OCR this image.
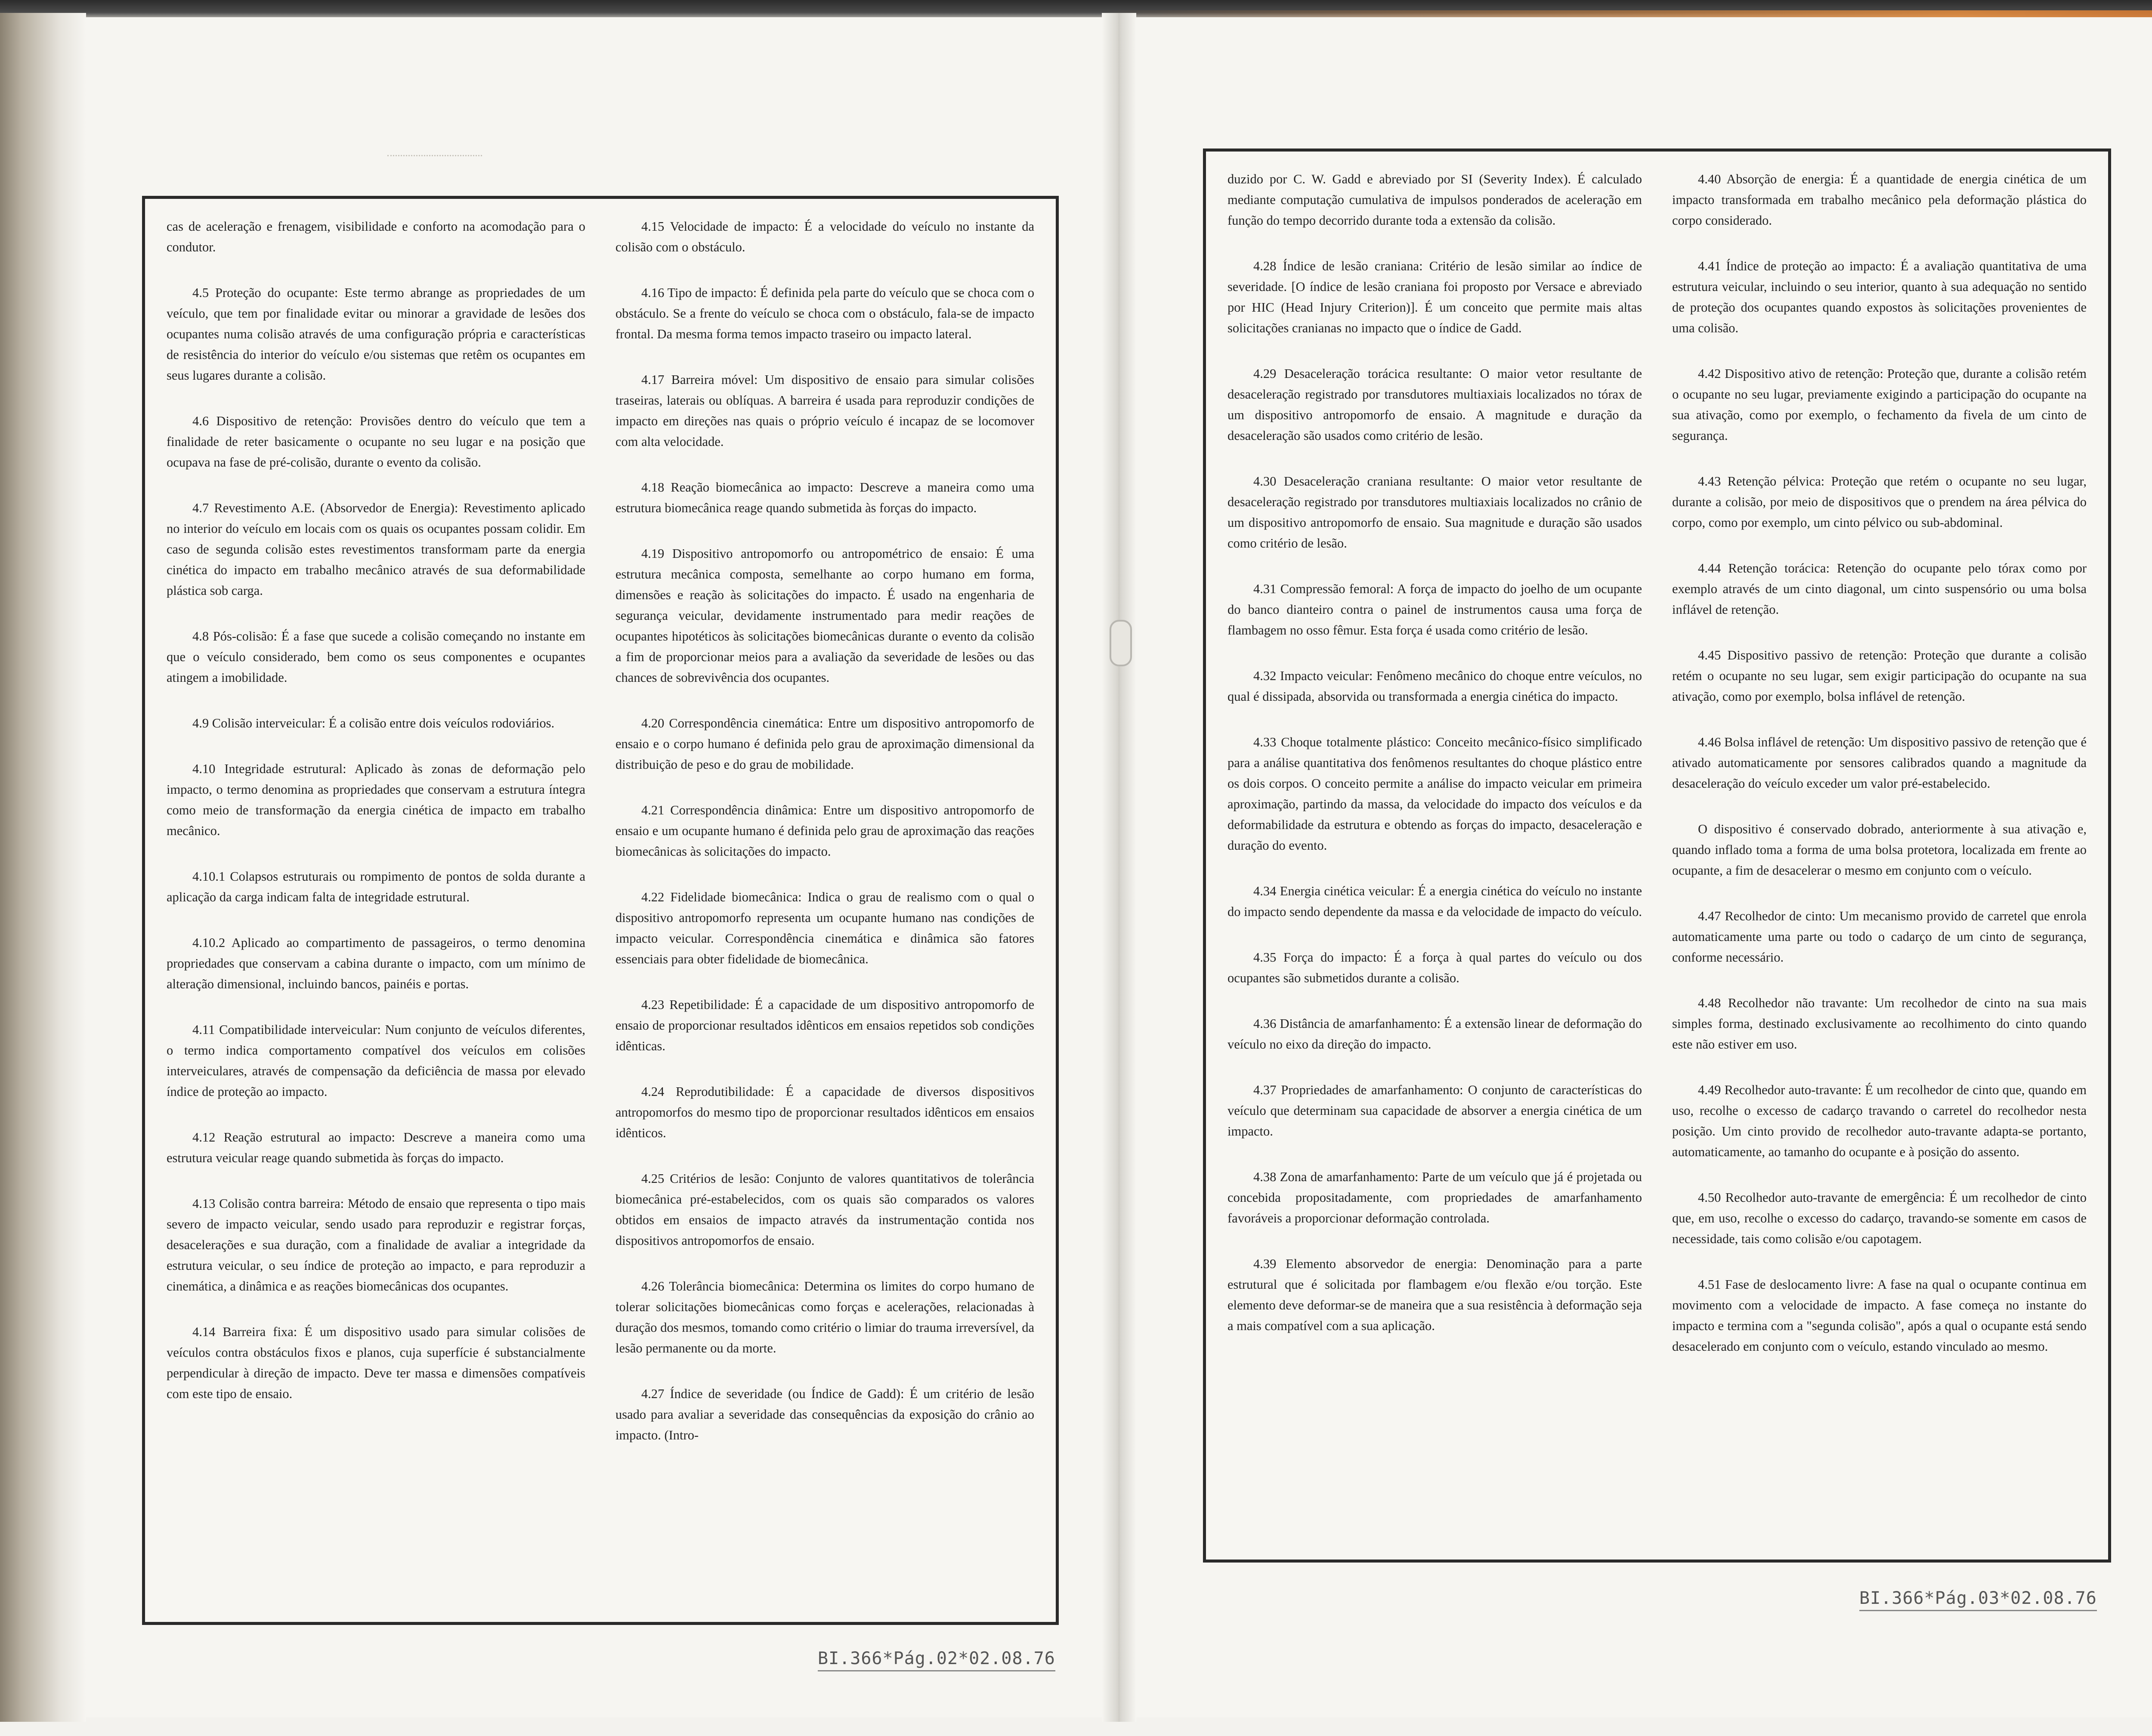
cas de aceleração e frenagem, visibilidade e conforto na acomodação para o condutor.

4.5 Proteção do ocupante: Este termo abrange as propriedades de um veículo, que tem por finalidade evitar ou minorar a gravidade de lesões dos ocupantes numa colisão através de uma configuração própria e características de resistência do interior do veículo e/ou sistemas que retêm os ocupantes em seus lugares durante a colisão.

4.6 Dispositivo de retenção: Provisões dentro do veículo que tem a finalidade de reter basicamente o ocupante no seu lugar e na posição que ocupava na fase de pré-colisão, durante o evento da colisão.

4.7 Revestimento A.E. (Absorvedor de Energia): Revestimento aplicado no interior do veículo em locais com os quais os ocupantes possam colidir. Em caso de segunda colisão estes revestimentos transformam parte da energia cinética do impacto em trabalho mecânico através de sua deformabilidade plástica sob carga.

4.8 Pós-colisão: É a fase que sucede a colisão começando no instante em que o veículo considerado, bem como os seus componentes e ocupantes atingem a imobilidade.

4.9 Colisão interveicular: É a colisão entre dois veículos rodoviários.

4.10 Integridade estrutural: Aplicado às zonas de deformação pelo impacto, o termo denomina as propriedades que conservam a estrutura íntegra como meio de transformação da energia cinética de impacto em trabalho mecânico.

4.10.1 Colapsos estruturais ou rompimento de pontos de solda durante a aplicação da carga indicam falta de integridade estrutural.

4.10.2 Aplicado ao compartimento de passageiros, o termo denomina propriedades que conservam a cabina durante o impacto, com um mínimo de alteração dimensional, incluindo bancos, painéis e portas.

4.11 Compatibilidade interveicular: Num conjunto de veículos diferentes, o termo indica comportamento compatível dos veículos em colisões interveiculares, através de compensação da deficiência de massa por elevado índice de proteção ao impacto.

4.12 Reação estrutural ao impacto: Descreve a maneira como uma estrutura veicular reage quando submetida às forças do impacto.

4.13 Colisão contra barreira: Método de ensaio que representa o tipo mais severo de impacto veicular, sendo usado para reproduzir e registrar forças, desacelerações e sua duração, com a finalidade de avaliar a integridade da estrutura veicular, o seu índice de proteção ao impacto, e para reproduzir a cinemática, a dinâmica e as reações biomecânicas dos ocupantes.

4.14 Barreira fixa: É um dispositivo usado para simular colisões de veículos contra obstáculos fixos e planos, cuja superfície é substancialmente perpendicular à direção de impacto. Deve ter massa e dimensões compatíveis com este tipo de ensaio.

4.15 Velocidade de impacto: É a velocidade do veículo no instante da colisão com o obstáculo.

4.16 Tipo de impacto: É definida pela parte do veículo que se choca com o obstáculo. Se a frente do veículo se choca com o obstáculo, fala-se de impacto frontal. Da mesma forma temos impacto traseiro ou impacto lateral.

4.17 Barreira móvel: Um dispositivo de ensaio para simular colisões traseiras, laterais ou oblíquas. A barreira é usada para reproduzir condições de impacto em direções nas quais o próprio veículo é incapaz de se locomover com alta velocidade.

4.18 Reação biomecânica ao impacto: Descreve a maneira como uma estrutura biomecânica reage quando submetida às forças do impacto.

4.19 Dispositivo antropomorfo ou antropométrico de ensaio: É uma estrutura mecânica composta, semelhante ao corpo humano em forma, dimensões e reação às solicitações do impacto. É usado na engenharia de segurança veicular, devidamente instrumentado para medir reações de ocupantes hipotéticos às solicitações biomecânicas durante o evento da colisão a fim de proporcionar meios para a avaliação da severidade de lesões ou das chances de sobrevivência dos ocupantes.

4.20 Correspondência cinemática: Entre um dispositivo antropomorfo de ensaio e o corpo humano é definida pelo grau de aproximação dimensional da distribuição de peso e do grau de mobilidade.

4.21 Correspondência dinâmica: Entre um dispositivo antropomorfo de ensaio e um ocupante humano é definida pelo grau de aproximação das reações biomecânicas às solicitações do impacto.

4.22 Fidelidade biomecânica: Indica o grau de realismo com o qual o dispositivo antropomorfo representa um ocupante humano nas condições de impacto veicular. Correspondência cinemática e dinâmica são fatores essenciais para obter fidelidade de biomecânica.

4.23 Repetibilidade: É a capacidade de um dispositivo antropomorfo de ensaio de proporcionar resultados idênticos em ensaios repetidos sob condições idênticas.

4.24 Reprodutibilidade: É a capacidade de diversos dispositivos antropomorfos do mesmo tipo de proporcionar resultados idênticos em ensaios idênticos.

4.25 Critérios de lesão: Conjunto de valores quantitativos de tolerância biomecânica pré-estabelecidos, com os quais são comparados os valores obtidos em ensaios de impacto através da instrumentação contida nos dispositivos antropomorfos de ensaio.

4.26 Tolerância biomecânica: Determina os limites do corpo humano de tolerar solicitações biomecânicas como forças e acelerações, relacionadas à duração dos mesmos, tomando como critério o limiar do trauma irreversível, da lesão permanente ou da morte.

4.27 Índice de severidade (ou Índice de Gadd): É um critério de lesão usado para avaliar a severidade das consequências da exposição do crânio ao impacto. (Intro-

duzido por C. W. Gadd e abreviado por SI (Severity Index). É calculado mediante computação cumulativa de impulsos ponderados de aceleração em função do tempo decorrido durante toda a extensão da colisão.

4.28 Índice de lesão craniana: Critério de lesão similar ao índice de severidade. [O índice de lesão craniana foi proposto por Versace e abreviado por HIC (Head Injury Criterion)]. É um conceito que permite mais altas solicitações cranianas no impacto que o índice de Gadd.

4.29 Desaceleração torácica resultante: O maior vetor resultante de desaceleração registrado por transdutores multiaxiais localizados no tórax de um dispositivo antropomorfo de ensaio. A magnitude e duração da desaceleração são usados como critério de lesão.

4.30 Desaceleração craniana resultante: O maior vetor resultante de desaceleração registrado por transdutores multiaxiais localizados no crânio de um dispositivo antropomorfo de ensaio. Sua magnitude e duração são usados como critério de lesão.

4.31 Compressão femoral: A força de impacto do joelho de um ocupante do banco dianteiro contra o painel de instrumentos causa uma força de flambagem no osso fêmur. Esta força é usada como critério de lesão.

4.32 Impacto veicular: Fenômeno mecânico do choque entre veículos, no qual é dissipada, absorvida ou transformada a energia cinética do impacto.

4.33 Choque totalmente plástico: Conceito mecânico-físico simplificado para a análise quantitativa dos fenômenos resultantes do choque plástico entre os dois corpos. O conceito permite a análise do impacto veicular em primeira aproximação, partindo da massa, da velocidade do impacto dos veículos e da deformabilidade da estrutura e obtendo as forças do impacto, desaceleração e duração do evento.

4.34 Energia cinética veicular: É a energia cinética do veículo no instante do impacto sendo dependente da massa e da velocidade de impacto do veículo.

4.35 Força do impacto: É a força à qual partes do veículo ou dos ocupantes são submetidos durante a colisão.

4.36 Distância de amarfanhamento: É a extensão linear de deformação do veículo no eixo da direção do impacto.

4.37 Propriedades de amarfanhamento: O conjunto de características do veículo que determinam sua capacidade de absorver a energia cinética de um impacto.

4.38 Zona de amarfanhamento: Parte de um veículo que já é projetada ou concebida propositadamente, com propriedades de amarfanhamento favoráveis a proporcionar deformação controlada.

4.39 Elemento absorvedor de energia: Denominação para a parte estrutural que é solicitada por flambagem e/ou flexão e/ou torção. Este elemento deve deformar-se de maneira que a sua resistência à deformação seja a mais compatível com a sua aplicação.

4.40 Absorção de energia: É a quantidade de energia cinética de um impacto transformada em trabalho mecânico pela deformação plástica do corpo considerado.

4.41 Índice de proteção ao impacto: É a avaliação quantitativa de uma estrutura veicular, incluindo o seu interior, quanto à sua adequação no sentido de proteção dos ocupantes quando expostos às solicitações provenientes de uma colisão.

4.42 Dispositivo ativo de retenção: Proteção que, durante a colisão retém o ocupante no seu lugar, previamente exigindo a participação do ocupante na sua ativação, como por exemplo, o fechamento da fivela de um cinto de segurança.

4.43 Retenção pélvica: Proteção que retém o ocupante no seu lugar, durante a colisão, por meio de dispositivos que o prendem na área pélvica do corpo, como por exemplo, um cinto pélvico ou sub-abdominal.

4.44 Retenção torácica: Retenção do ocupante pelo tórax como por exemplo através de um cinto diagonal, um cinto suspensório ou uma bolsa inflável de retenção.

4.45 Dispositivo passivo de retenção: Proteção que durante a colisão retém o ocupante no seu lugar, sem exigir participação do ocupante na sua ativação, como por exemplo, bolsa inflável de retenção.

4.46 Bolsa inflável de retenção: Um dispositivo passivo de retenção que é ativado automaticamente por sensores calibrados quando a magnitude da desaceleração do veículo exceder um valor pré-estabelecido.

O dispositivo é conservado dobrado, anteriormente à sua ativação e, quando inflado toma a forma de uma bolsa protetora, localizada em frente ao ocupante, a fim de desacelerar o mesmo em conjunto com o veículo.

4.47 Recolhedor de cinto: Um mecanismo provido de carretel que enrola automaticamente uma parte ou todo o cadarço de um cinto de segurança, conforme necessário.

4.48 Recolhedor não travante: Um recolhedor de cinto na sua mais simples forma, destinado exclusivamente ao recolhimento do cinto quando este não estiver em uso.

4.49 Recolhedor auto-travante: É um recolhedor de cinto que, quando em uso, recolhe o excesso de cadarço travando o carretel do recolhedor nesta posição. Um cinto provido de recolhedor auto-travante adapta-se portanto, automaticamente, ao tamanho do ocupante e à posição do assento.

4.50 Recolhedor auto-travante de emergência: É um recolhedor de cinto que, em uso, recolhe o excesso do cadarço, travando-se somente em casos de necessidade, tais como colisão e/ou capotagem.

4.51 Fase de deslocamento livre: A fase na qual o ocupante continua em movimento com a velocidade de impacto. A fase começa no instante do impacto e termina com a "segunda colisão", após a qual o ocupante está sendo desacelerado em conjunto com o veículo, estando vinculado ao mesmo.

BI.366*Pág.02*02.08.76
BI.366*Pág.03*02.08.76
